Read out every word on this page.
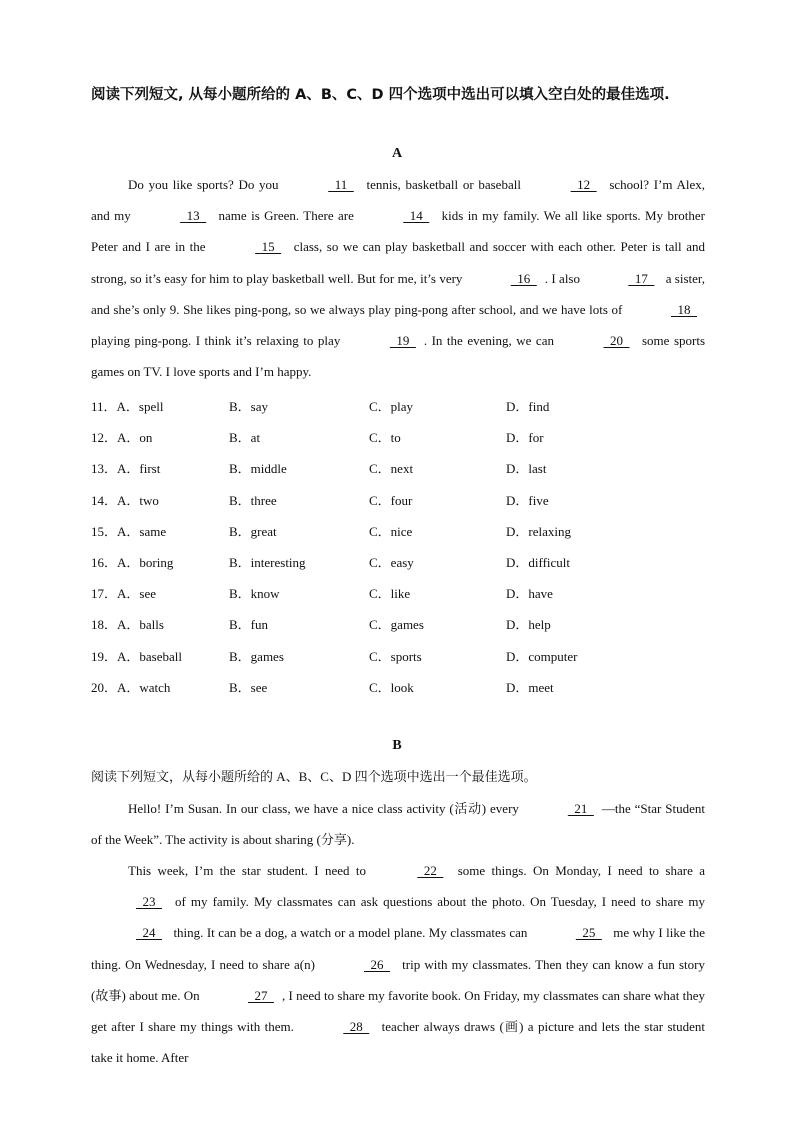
阅读下列短文, 从每小题所给的 A、B、C、D 四个选项中选出可以填入空白处的最佳选项.
A
Do you like sports? Do you	 11  tennis, basketball or baseball	 12  school? I’m Alex, and my	 13  name is Green. There are	 14  kids in my family. We all like sports. My brother Peter and I are in the	 15  class, so we can play basketball and soccer with each other. Peter is tall and strong, so it’s easy for him to play basketball well. But for me, it’s very	 16 . I also	 17  a sister, and she’s only 9. She likes ping-pong, so we always play ping-pong after school, and we have lots of	 18  playing ping-pong. I think it’s relaxing to play	 19 . In the evening, we can	 20  some sports games on TV. I love sports and I’m happy.
11．A．spell	B．say	C．play	D．find
12．A．on	B．at	C．to	D．for
13．A．first	B．middle	C．next	D．last
14．A．two	B．three	C．four	D．five
15．A．same	B．great	C．nice	D．relaxing
16．A．boring	B．interesting	C．easy	D．difficult
17．A．see	B．know	C．like	D．have
18．A．balls	B．fun	C．games	D．help
19．A．baseball	B．games	C．sports	D．computer
20．A．watch	B．see	C．look	D．meet
B
阅读下列短文，从每小题所给的 A、B、C、D 四个选项中选出一个最佳选项。
Hello! I’m Susan. In our class, we have a nice class activity (活动) every	 21 —the “Star Student of the Week”. The activity is about sharing (分享).
This week, I’m the star student. I need to	 22  some things. On Monday, I need to share a  23  of my family. My classmates can ask questions about the photo. On Tuesday, I need to share my  24  thing. It can be a dog, a watch or a model plane. My classmates can	 25  me why I like the thing. On Wednesday, I need to share a(n)	 26  trip with my classmates. Then they can know a fun story (故事) about me. On	 27 , I need to share my favorite book. On Friday, my classmates can share what they get after I share my things with them.	 28  teacher always draws (画) a picture and lets the star student take it home. After
